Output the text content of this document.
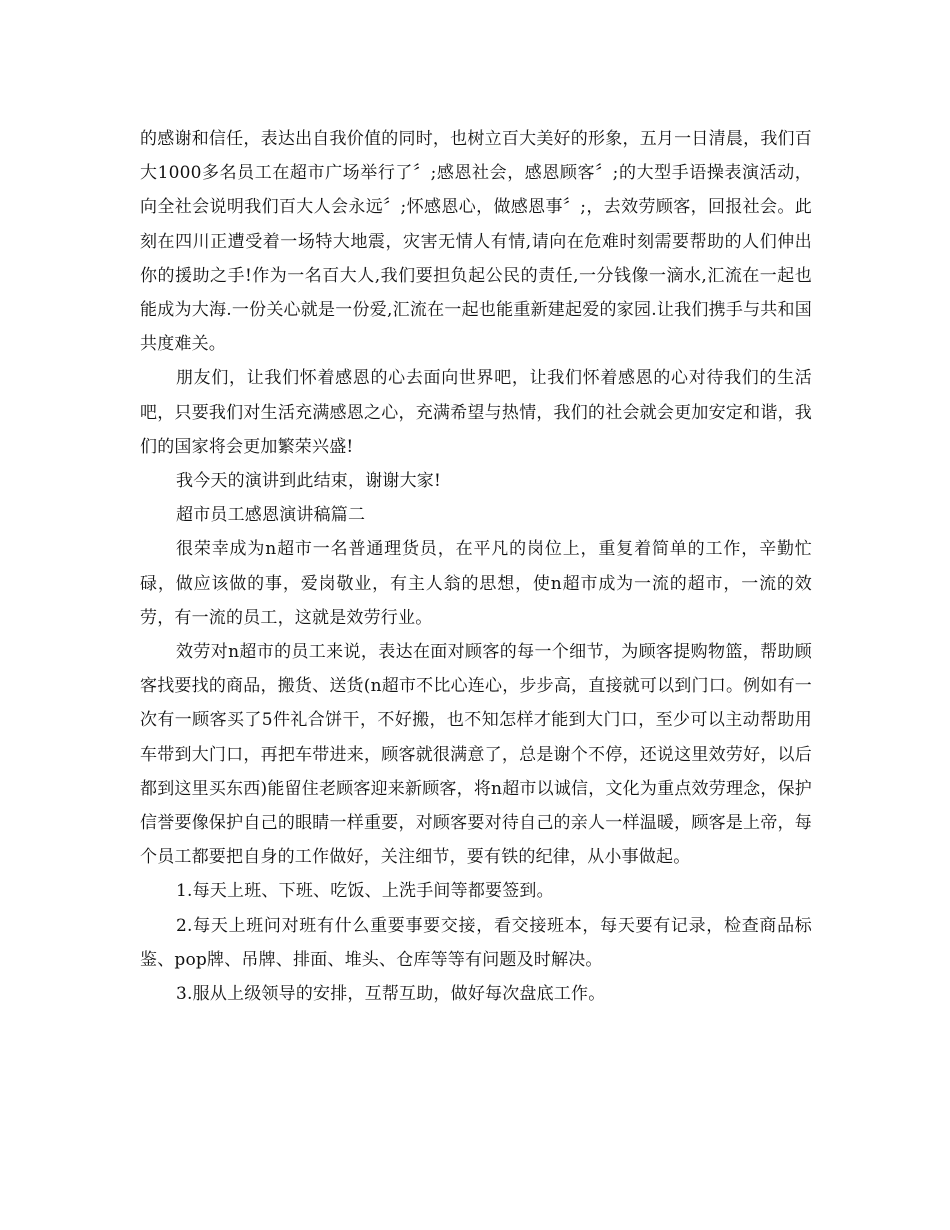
的感谢和信任，表达出自我价值的同时，也树立百大美好的形象，五月一日清晨，我们百大1000多名员工在超市广场举行了〞;感恩社会，感恩顾客〞;的大型手语操表演活动，向全社会说明我们百大人会永远〞;怀感恩心，做感恩事〞;，去效劳顾客，回报社会。此刻在四川正遭受着一场特大地震，灾害无情人有情,请向在危难时刻需要帮助的人们伸出你的援助之手!作为一名百大人,我们要担负起公民的责任,一分钱像一滴水,汇流在一起也能成为大海.一份关心就是一份爱,汇流在一起也能重新建起爱的家园.让我们携手与共和国共度难关。

朋友们，让我们怀着感恩的心去面向世界吧，让我们怀着感恩的心对待我们的生活吧，只要我们对生活充满感恩之心，充满希望与热情，我们的社会就会更加安定和谐，我们的国家将会更加繁荣兴盛!

我今天的演讲到此结束，谢谢大家!

超市员工感恩演讲稿篇二

很荣幸成为n超市一名普通理货员，在平凡的岗位上，重复着简单的工作，辛勤忙碌，做应该做的事，爱岗敬业，有主人翁的思想，使n超市成为一流的超市，一流的效劳，有一流的员工，这就是效劳行业。

效劳对n超市的员工来说，表达在面对顾客的每一个细节，为顾客提购物篮，帮助顾客找要找的商品，搬货、送货(n超市不比心连心，步步高，直接就可以到门口。例如有一次有一顾客买了5件礼合饼干，不好搬，也不知怎样才能到大门口，至少可以主动帮助用车带到大门口，再把车带进来，顾客就很满意了，总是谢个不停，还说这里效劳好，以后都到这里买东西)能留住老顾客迎来新顾客，将n超市以诚信，文化为重点效劳理念，保护信誉要像保护自己的眼睛一样重要，对顾客要对待自己的亲人一样温暖，顾客是上帝，每个员工都要把自身的工作做好，关注细节，要有铁的纪律，从小事做起。

1.每天上班、下班、吃饭、上洗手间等都要签到。

2.每天上班问对班有什么重要事要交接，看交接班本，每天要有记录，检查商品标鉴、pop牌、吊牌、排面、堆头、仓库等等有问题及时解决。

3.服从上级领导的安排，互帮互助，做好每次盘底工作。
